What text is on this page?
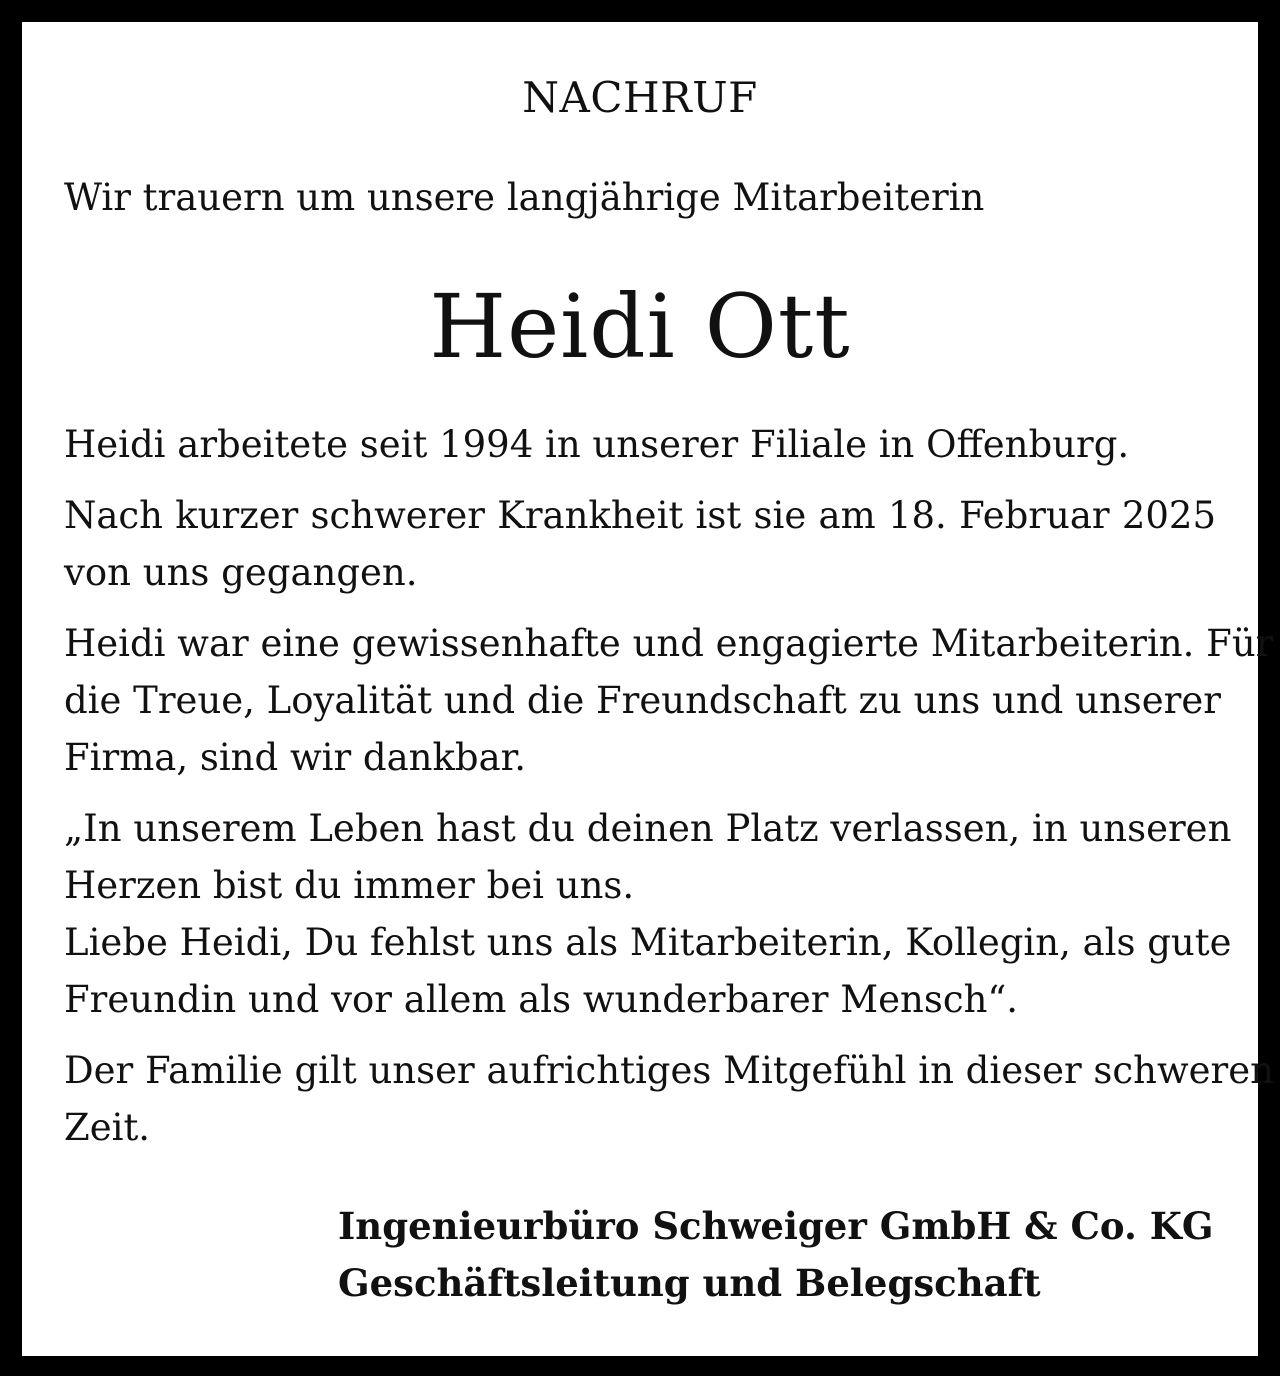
NACHRUF
Wir trauern um unsere langjährige Mitarbeiterin
Heidi Ott
Heidi arbeitete seit 1994 in unserer Filiale in Offenburg.
Nach kurzer schwerer Krankheit ist sie am 18. Februar 2025
von uns gegangen.
Heidi war eine gewissenhafte und engagierte Mitarbeiterin. Für
die Treue, Loyalität und die Freundschaft zu uns und unserer
Firma, sind wir dankbar.
„In unserem Leben hast du deinen Platz verlassen, in unseren
Herzen bist du immer bei uns.
Liebe Heidi, Du fehlst uns als Mitarbeiterin, Kollegin, als gute
Freundin und vor allem als wunderbarer Mensch“.
Der Familie gilt unser aufrichtiges Mitgefühl in dieser schweren
Zeit.
Ingenieurbüro Schweiger GmbH & Co. KG
Geschäftsleitung und Belegschaft
